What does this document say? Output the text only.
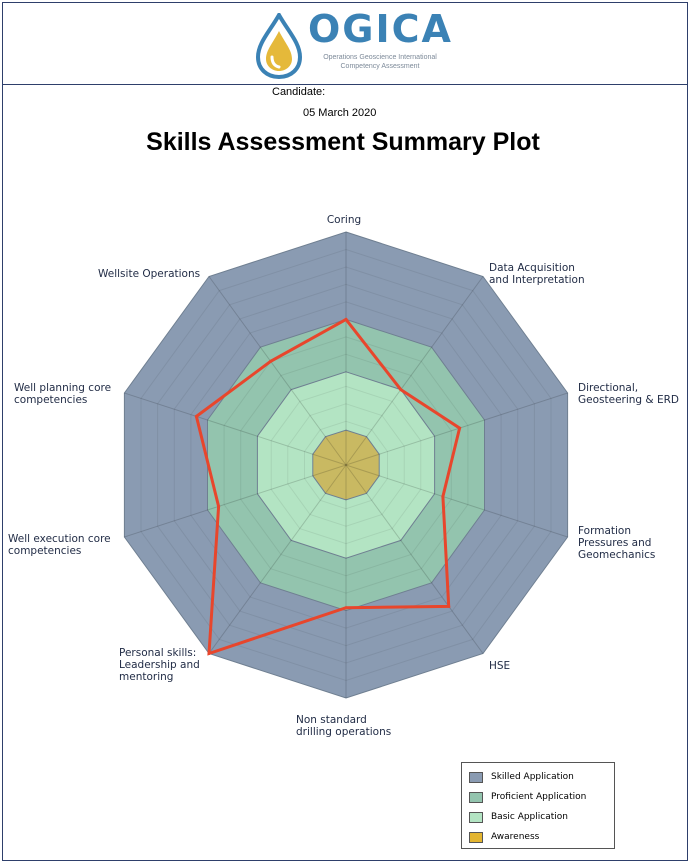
OGICA
Operations Geoscience International Competency Assessment
Candidate:
05 March 2020
Skills Assessment Summary Plot
Coring
Data Acquisition and Interpretation
Directional, Geosteering & ERD
Formation Pressures and Geomechanics
HSE
Non standard drilling operations
Personal skills: Leadership and mentoring
Well execution core competencies
Well planning core competencies
Wellsite Operations
Skilled Application
Proficient Application
Basic Application
Awareness
